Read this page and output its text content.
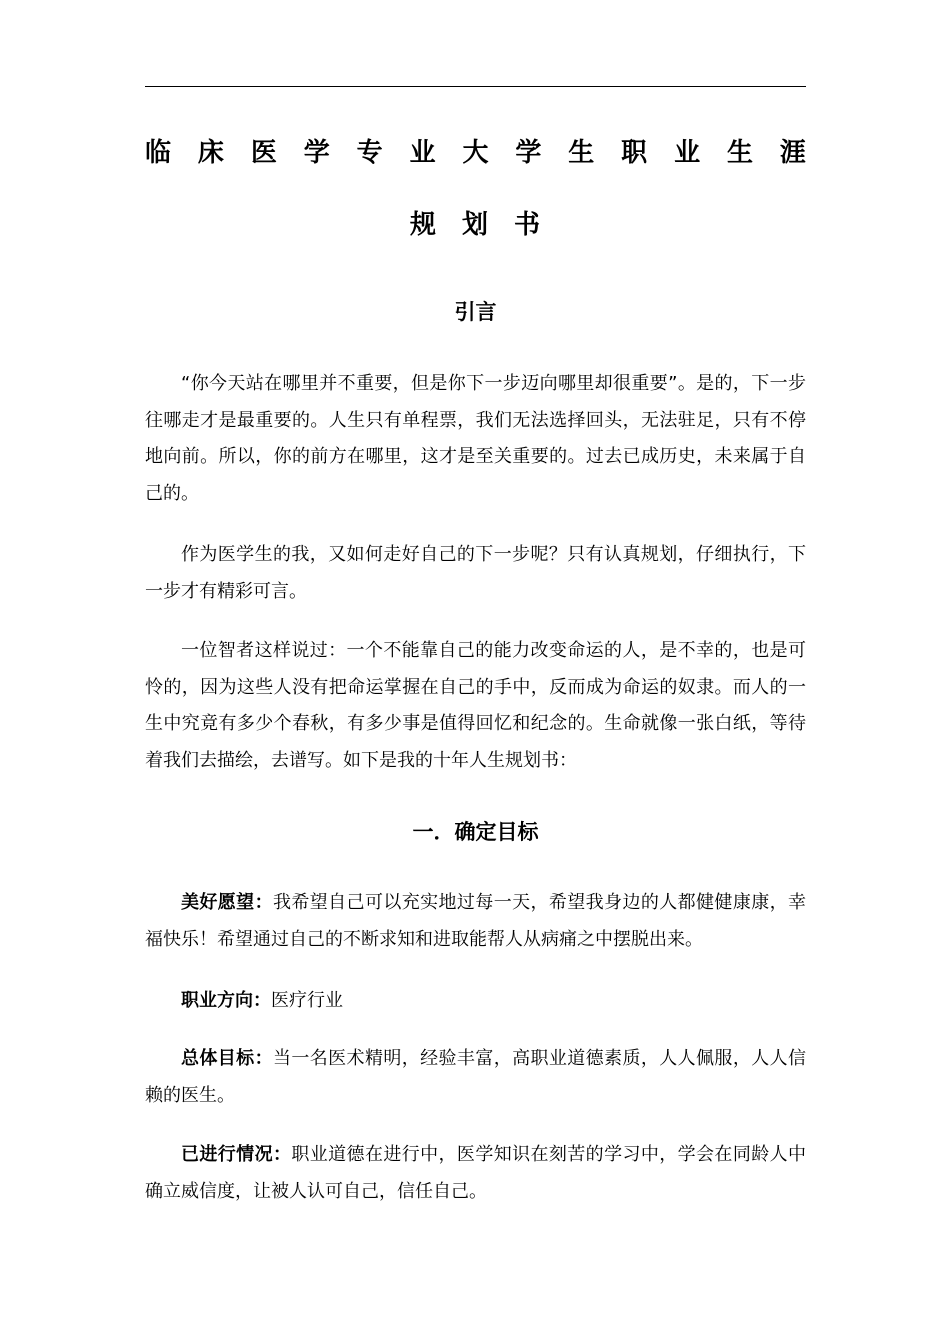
临 床 医 学 专 业 大 学 生 职 业 生 涯
规 划 书
引言

“你今天站在哪里并不重要，但是你下一步迈向哪里却很重要”。是的，下一步往哪走才是最重要的。人生只有单程票，我们无法选择回头，无法驻足，只有不停地向前。所以，你的前方在哪里，这才是至关重要的。过去已成历史，未来属于自己的。

作为医学生的我，又如何走好自己的下一步呢？只有认真规划，仔细执行，下一步才有精彩可言。

一位智者这样说过：一个不能靠自己的能力改变命运的人，是不幸的，也是可怜的，因为这些人没有把命运掌握在自己的手中，反而成为命运的奴隶。而人的一生中究竟有多少个春秋，有多少事是值得回忆和纪念的。生命就像一张白纸，等待着我们去描绘，去谱写。如下是我的十年人生规划书：

一．确定目标

美好愿望：我希望自己可以充实地过每一天，希望我身边的人都健健康康，幸福快乐！希望通过自己的不断求知和进取能帮人从病痛之中摆脱出来。

职业方向：医疗行业

总体目标：当一名医术精明，经验丰富，高职业道德素质，人人佩服，人人信赖的医生。

已进行情况：职业道德在进行中，医学知识在刻苦的学习中，学会在同龄人中确立威信度，让被人认可自己，信任自己。
